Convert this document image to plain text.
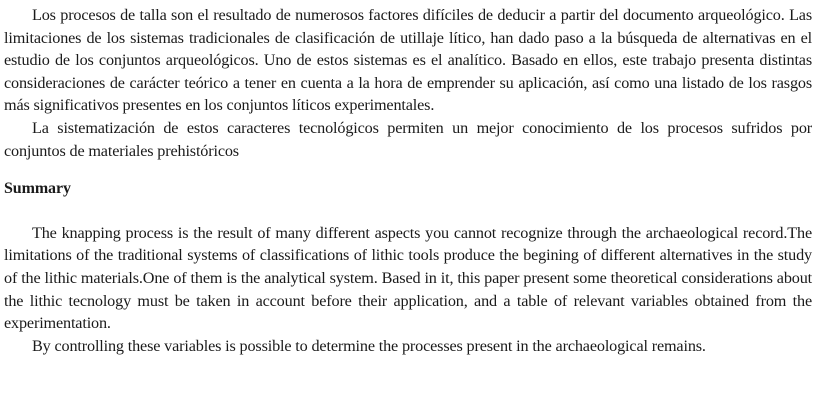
Los procesos de talla son el resultado de numerosos factores difíciles de deducir a partir del documento arqueológico. Las limitaciones de los sistemas tradicionales de clasificación de utillaje lítico, han dado paso a la búsqueda de alternativas en el estudio de los conjuntos arqueológicos. Uno de estos sistemas es el analítico. Basado en ellos, este trabajo presenta distintas consideraciones de carácter teórico a tener en cuenta a la hora de emprender su aplicación, así como una listado de los rasgos más significativos presentes en los conjuntos líticos experimentales.

La sistematización de estos caracteres tecnológicos permiten un mejor conocimiento de los procesos sufridos por conjuntos de materiales prehistóricos

Summary

The knapping process is the result of many different aspects you cannot recognize through the archaeological record.The limitations of the traditional systems of classifications of lithic tools produce the begining of different alternatives in the study of the lithic materials.One of them is the analytical system. Based in it, this paper present some theoretical considerations about the lithic tecnology must be taken in account before their application, and a table of relevant variables obtained from the experimentation.

By controlling these variables is possible to determine the processes present in the archaeological remains.
